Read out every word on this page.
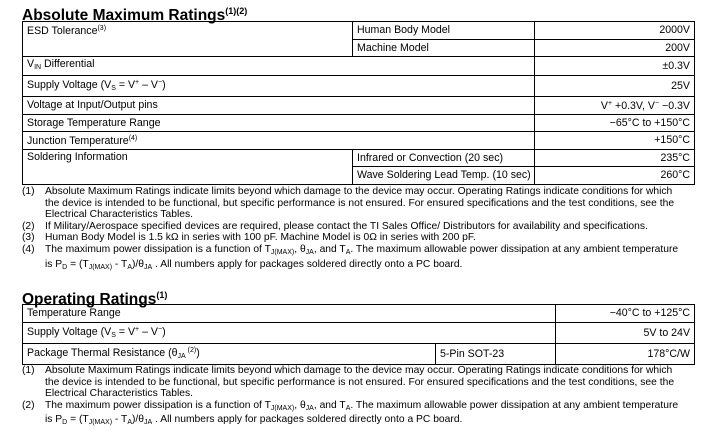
Absolute Maximum Ratings$^{(1)(2)}$
ESD Tolerance$^{(3)}$	Human Body Model	2000V
	Machine Model	200V
$V_{IN}$ Differential		±0.3V
Supply Voltage $(V_S = V^+ - V^-)$		25V
Voltage at Input/Output pins		V+ +0.3V, V− −0.3V
Storage Temperature Range		−65°C to +150°C
Junction Temperature$^{(4)}$		+150°C
Soldering Information	Infrared or Convection (20 sec)	235°C
	Wave Soldering Lead Temp. (10 sec)	260°C
(1) Absolute Maximum Ratings indicate limits beyond which damage to the device may occur. Operating Ratings indicate conditions for which the device is intended to be functional, but specific performance is not ensured. For ensured specifications and the test conditions, see the Electrical Characteristics Tables.
(2) If Military/Aerospace specified devices are required, please contact the TI Sales Office/ Distributors for availability and specifications.
(3) Human Body Model is 1.5 kΩ in series with 100 pF. Machine Model is 0Ω in series with 200 pF.
(4) The maximum power dissipation is a function of $T_{J(MAX)}$, $\theta_{JA}$, and $T_A$. The maximum allowable power dissipation at any ambient temperature is $P_D = (T_{J(MAX)} - T_A)/\theta_{JA}$ . All numbers apply for packages soldered directly onto a PC board.
Operating Ratings$^{(1)}$
Temperature Range		−40°C to +125°C
Supply Voltage $(V_S = V^+ - V^-)$		5V to 24V
Package Thermal Resistance ($\theta_{JA}$ $^{(2)}$)	5-Pin SOT-23	178°C/W
(1) Absolute Maximum Ratings indicate limits beyond which damage to the device may occur. Operating Ratings indicate conditions for which the device is intended to be functional, but specific performance is not ensured. For ensured specifications and the test conditions, see the Electrical Characteristics Tables.
(2) The maximum power dissipation is a function of $T_{J(MAX)}$, $\theta_{JA}$, and $T_A$. The maximum allowable power dissipation at any ambient temperature is $P_D = (T_{J(MAX)} - T_A)/\theta_{JA}$ . All numbers apply for packages soldered directly onto a PC board.
